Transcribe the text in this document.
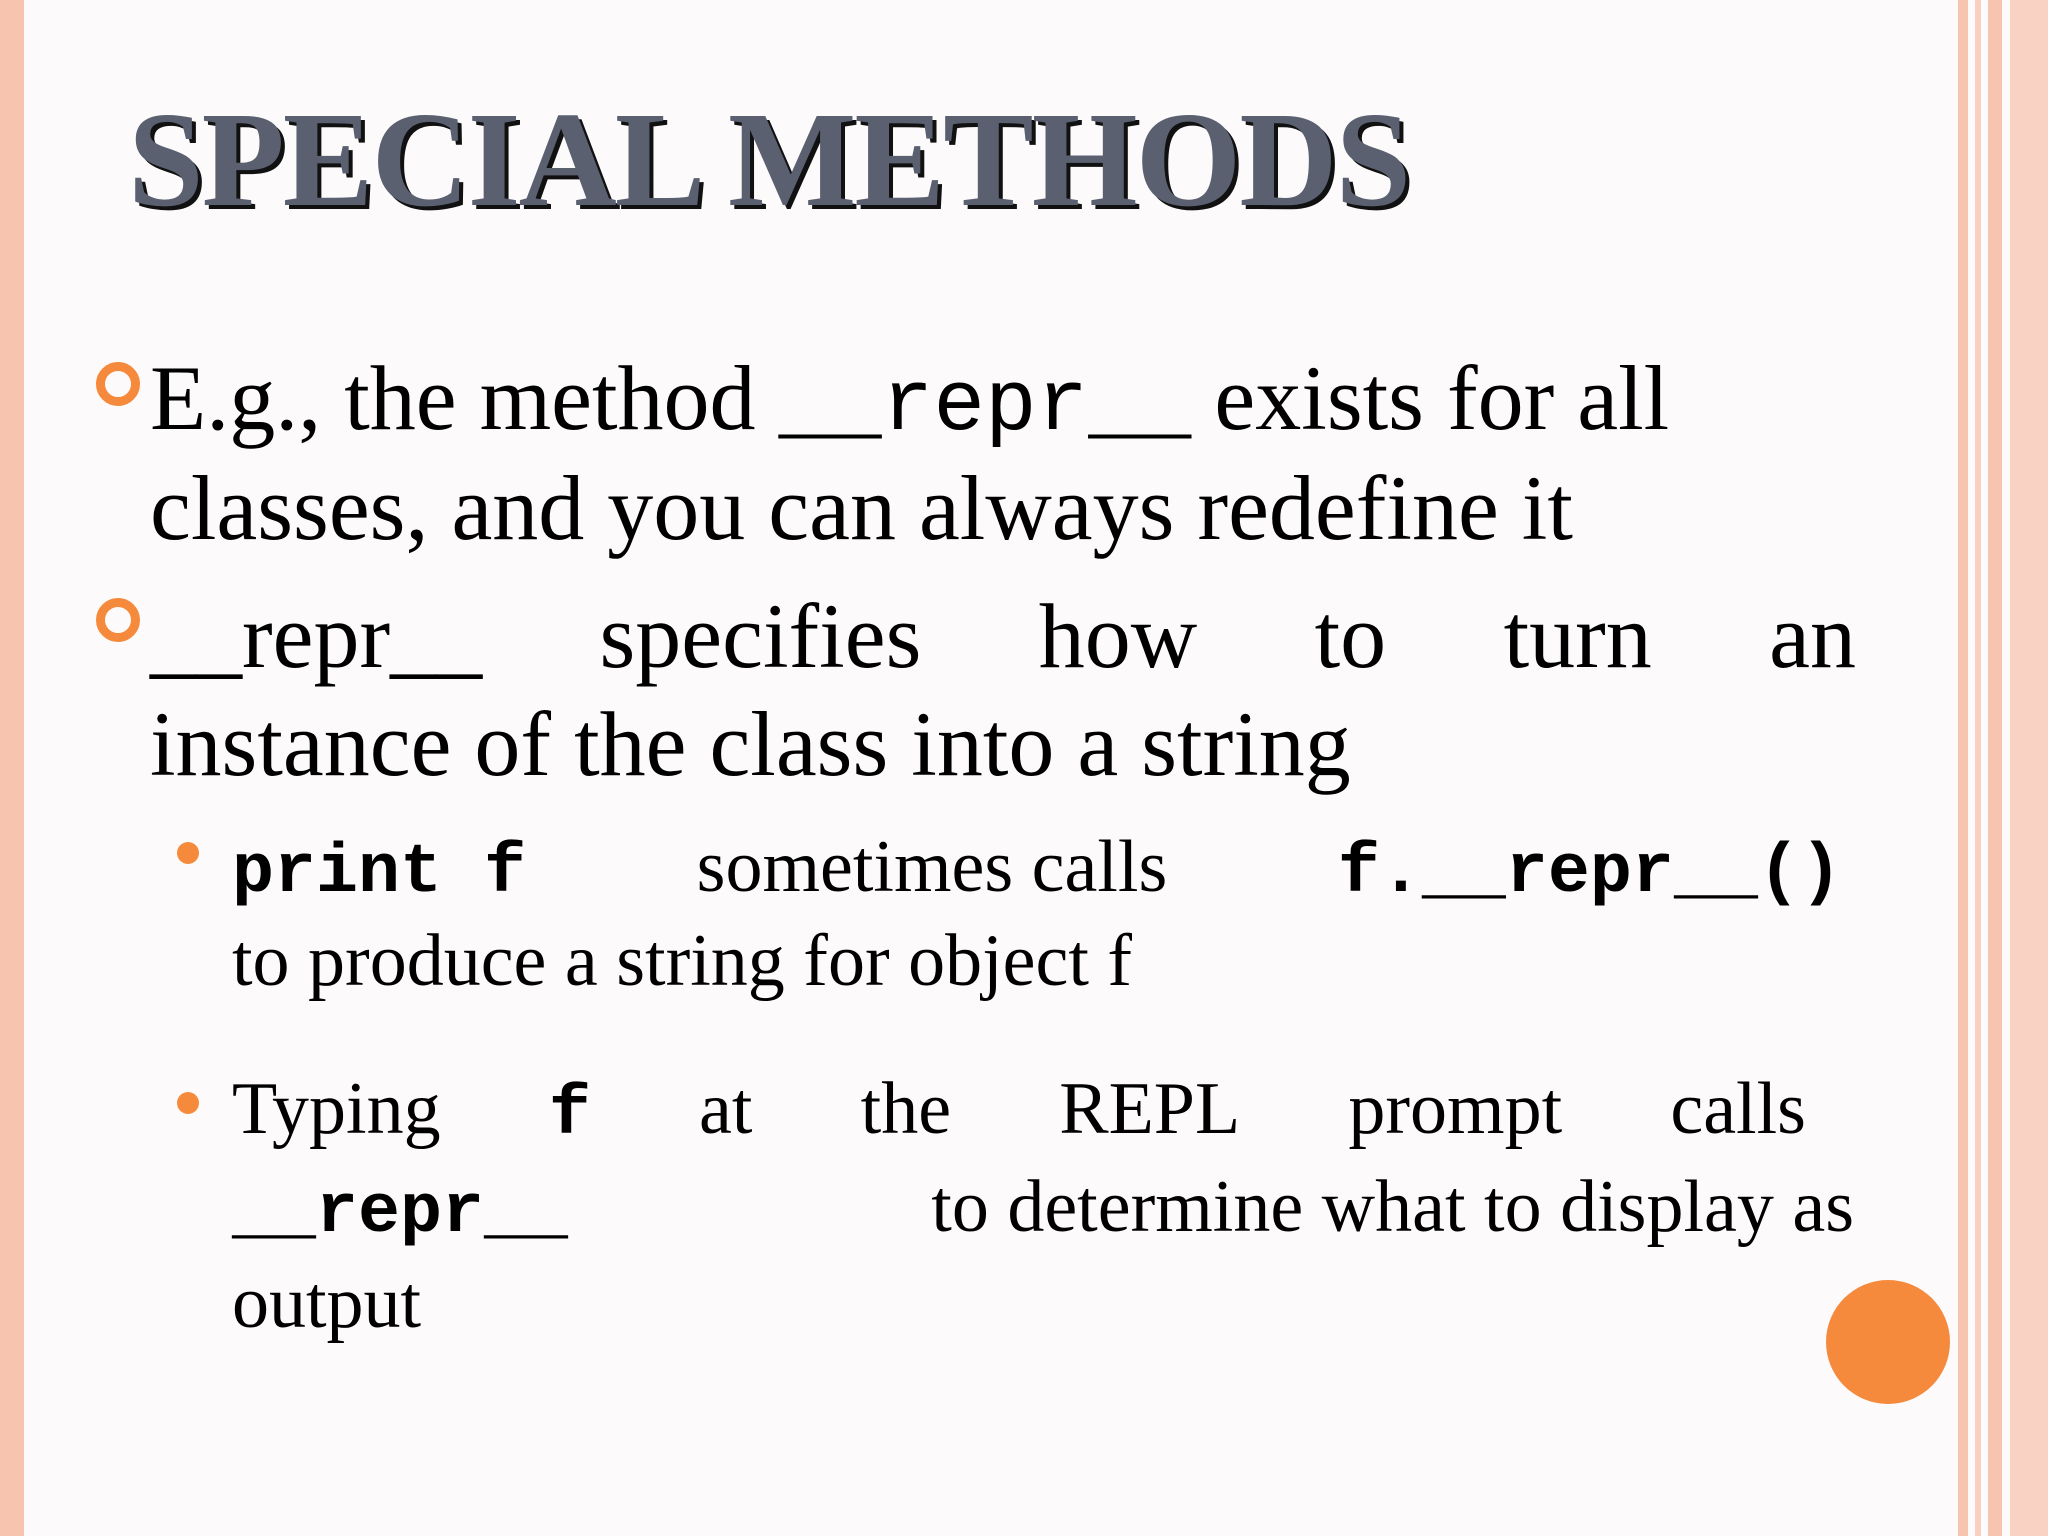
SPECIAL METHODS
E.g., the method __repr__ exists for all
classes, and you can always redefine it
__repr__ specifies how to turn an
instance of the class into a string
print f sometimes calls f.__repr__()
to produce a string for object f
Typing f at the REPL prompt calls
__repr__	to determine what to display as
output
